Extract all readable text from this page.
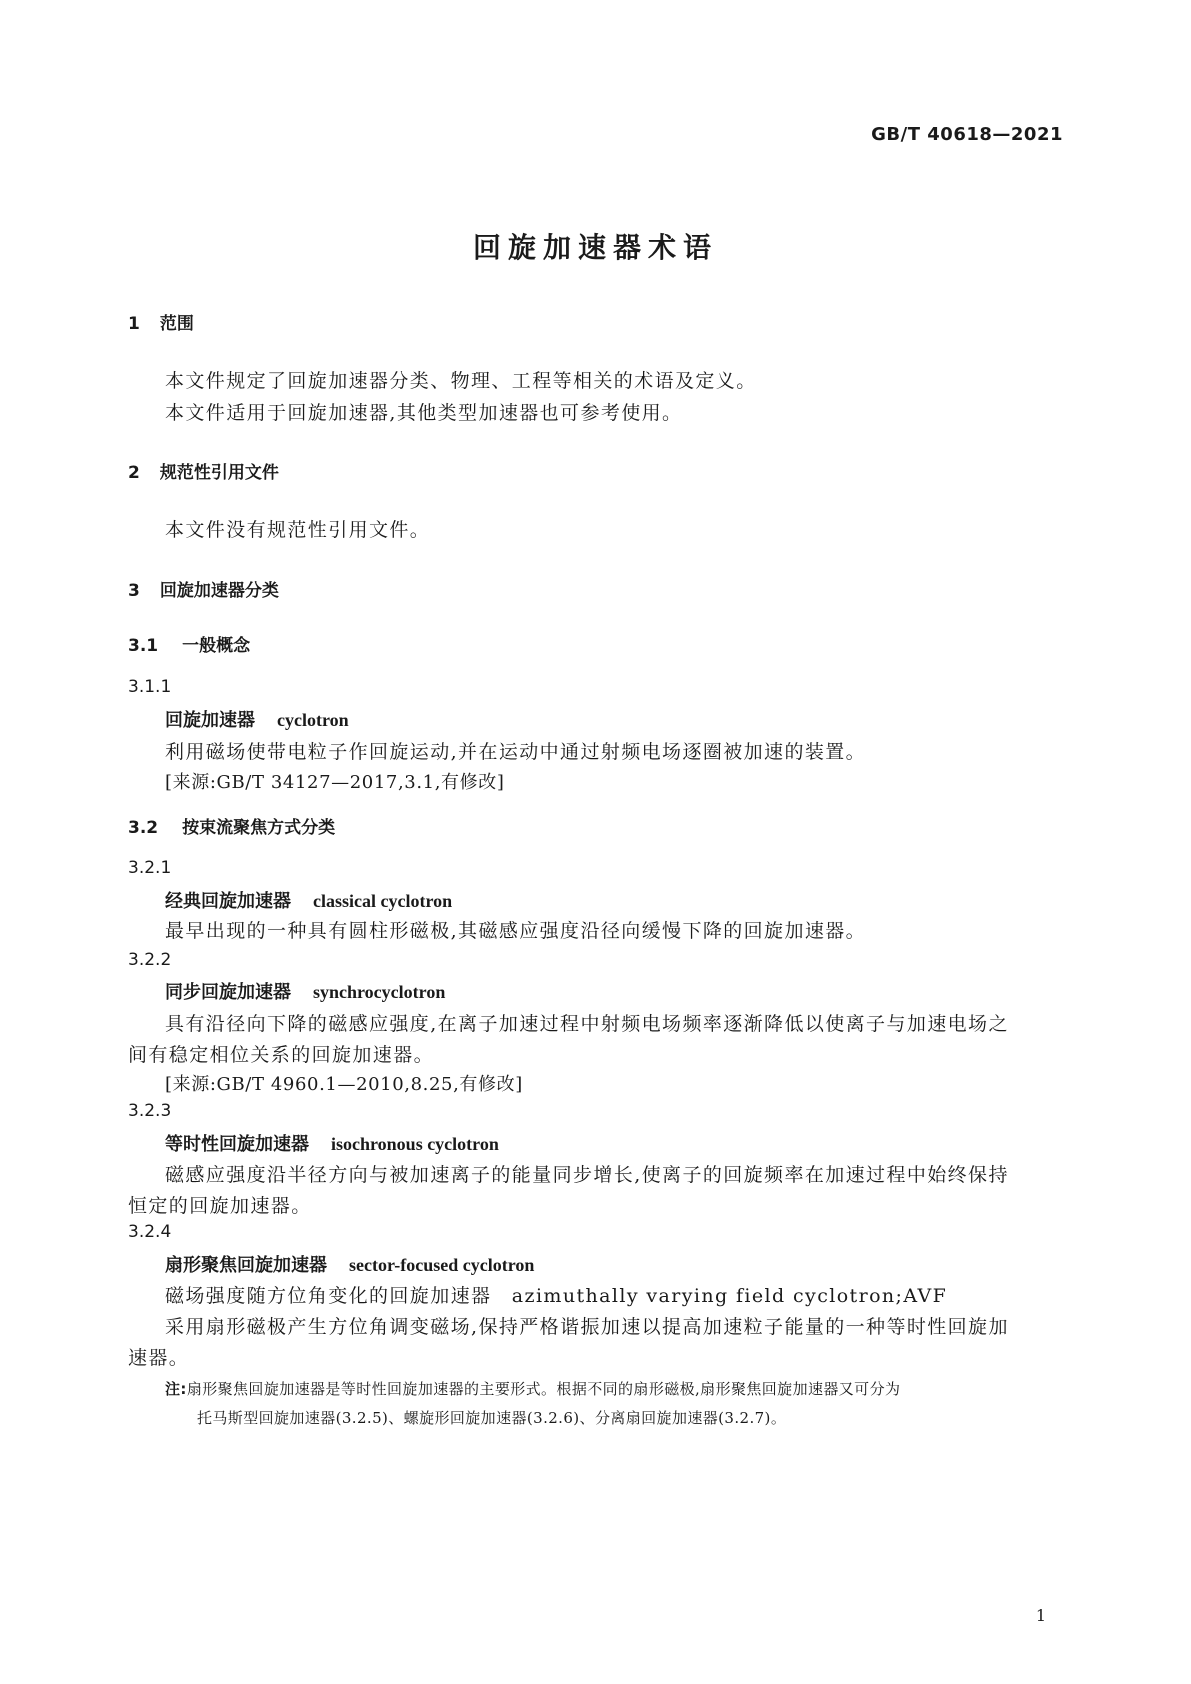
GB/T 40618—2021
回旋加速器术语
1 范围
本文件规定了回旋加速器分类、物理、工程等相关的术语及定义。
本文件适用于回旋加速器,其他类型加速器也可参考使用。
2 规范性引用文件
本文件没有规范性引用文件。
3 回旋加速器分类
3.1 一般概念
3.1.1
回旋加速器 cyclotron
利用磁场使带电粒子作回旋运动,并在运动中通过射频电场逐圈被加速的装置。
[来源:GB/T 34127—2017,3.1,有修改]
3.2 按束流聚焦方式分类
3.2.1
经典回旋加速器 classical cyclotron
最早出现的一种具有圆柱形磁极,其磁感应强度沿径向缓慢下降的回旋加速器。
3.2.2
同步回旋加速器 synchrocyclotron
具有沿径向下降的磁感应强度,在离子加速过程中射频电场频率逐渐降低以使离子与加速电场之
间有稳定相位关系的回旋加速器。
[来源:GB/T 4960.1—2010,8.25,有修改]
3.2.3
等时性回旋加速器 isochronous cyclotron
磁感应强度沿半径方向与被加速离子的能量同步增长,使离子的回旋频率在加速过程中始终保持
恒定的回旋加速器。
3.2.4
扇形聚焦回旋加速器 sector-focused cyclotron
磁场强度随方位角变化的回旋加速器　azimuthally varying field cyclotron;AVF
采用扇形磁极产生方位角调变磁场,保持严格谐振加速以提高加速粒子能量的一种等时性回旋加
速器。
注:扇形聚焦回旋加速器是等时性回旋加速器的主要形式。根据不同的扇形磁极,扇形聚焦回旋加速器又可分为
托马斯型回旋加速器(3.2.5)、螺旋形回旋加速器(3.2.6)、分离扇回旋加速器(3.2.7)。
1
